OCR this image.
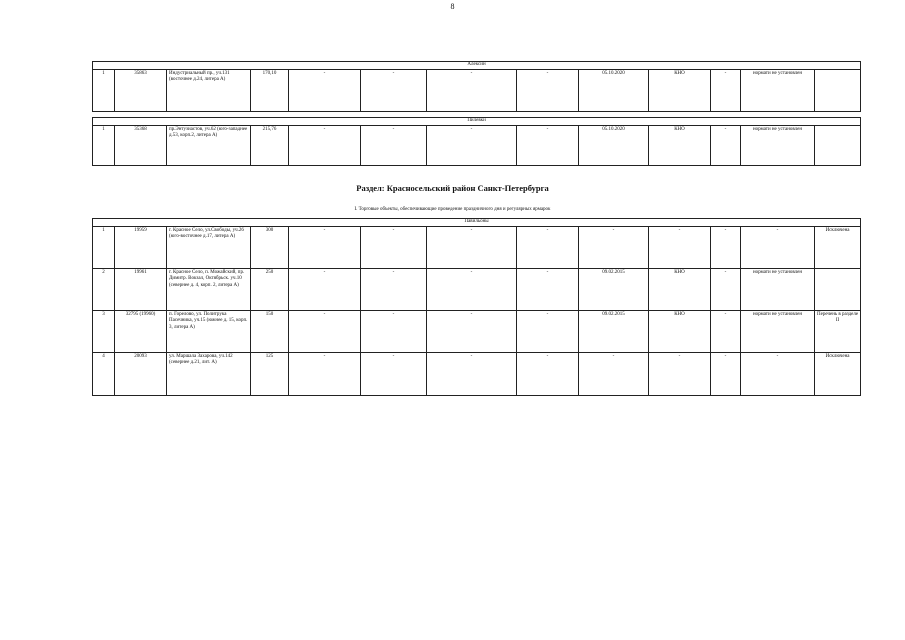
8
Алексин
1	35863	Индустриальный пр., уч.131 (восточнее д.24, литера А)	170,10	-	-	-	-	05.10.2020	КНО	-	нормати не установлен	
Пилевки
1	35368	пр.Энтузиастов, уч.62 (юго-западнее д.53, корп.2, литера А)	215,76	-	-	-	-	05.10.2020	КНО	-	нормати не установлен	
Раздел: Красносельский район Санкт-Петербурга
I. Торговые объекты, обеспечивающие проведение праздничного дня и регулярных ярмарок
Павильоны												
1	19959	г. Красное Село, ул.Свободы, уч.26 (юго-восточнее д.17, литера А)	300	-	-	-	-	-	-	-	-	Исключена
2	19961	г. Красное Село, п. Можайский, пр. Димитр. Вокзал, Октябрьск. уч.10 (севернее д. 4, корп. 2, литера А)	250	-	-	-	-	09.02.2015	КНО	-	нормати не установлен	
3	32795 (19960)	п. Горелово, ул. Политрука Пасечника, уч.15 (южнее д. 15, корп. 3, литера А)	150	-	-	-	-	09.02.2015	КНО	-	нормати не установлен	Перечень в разделе II
4	20093	ул. Маршала Захарова, уч.142 (севернее д.21, лит. А)	125	-	-	-	-	-	-	-	-	Исключена
